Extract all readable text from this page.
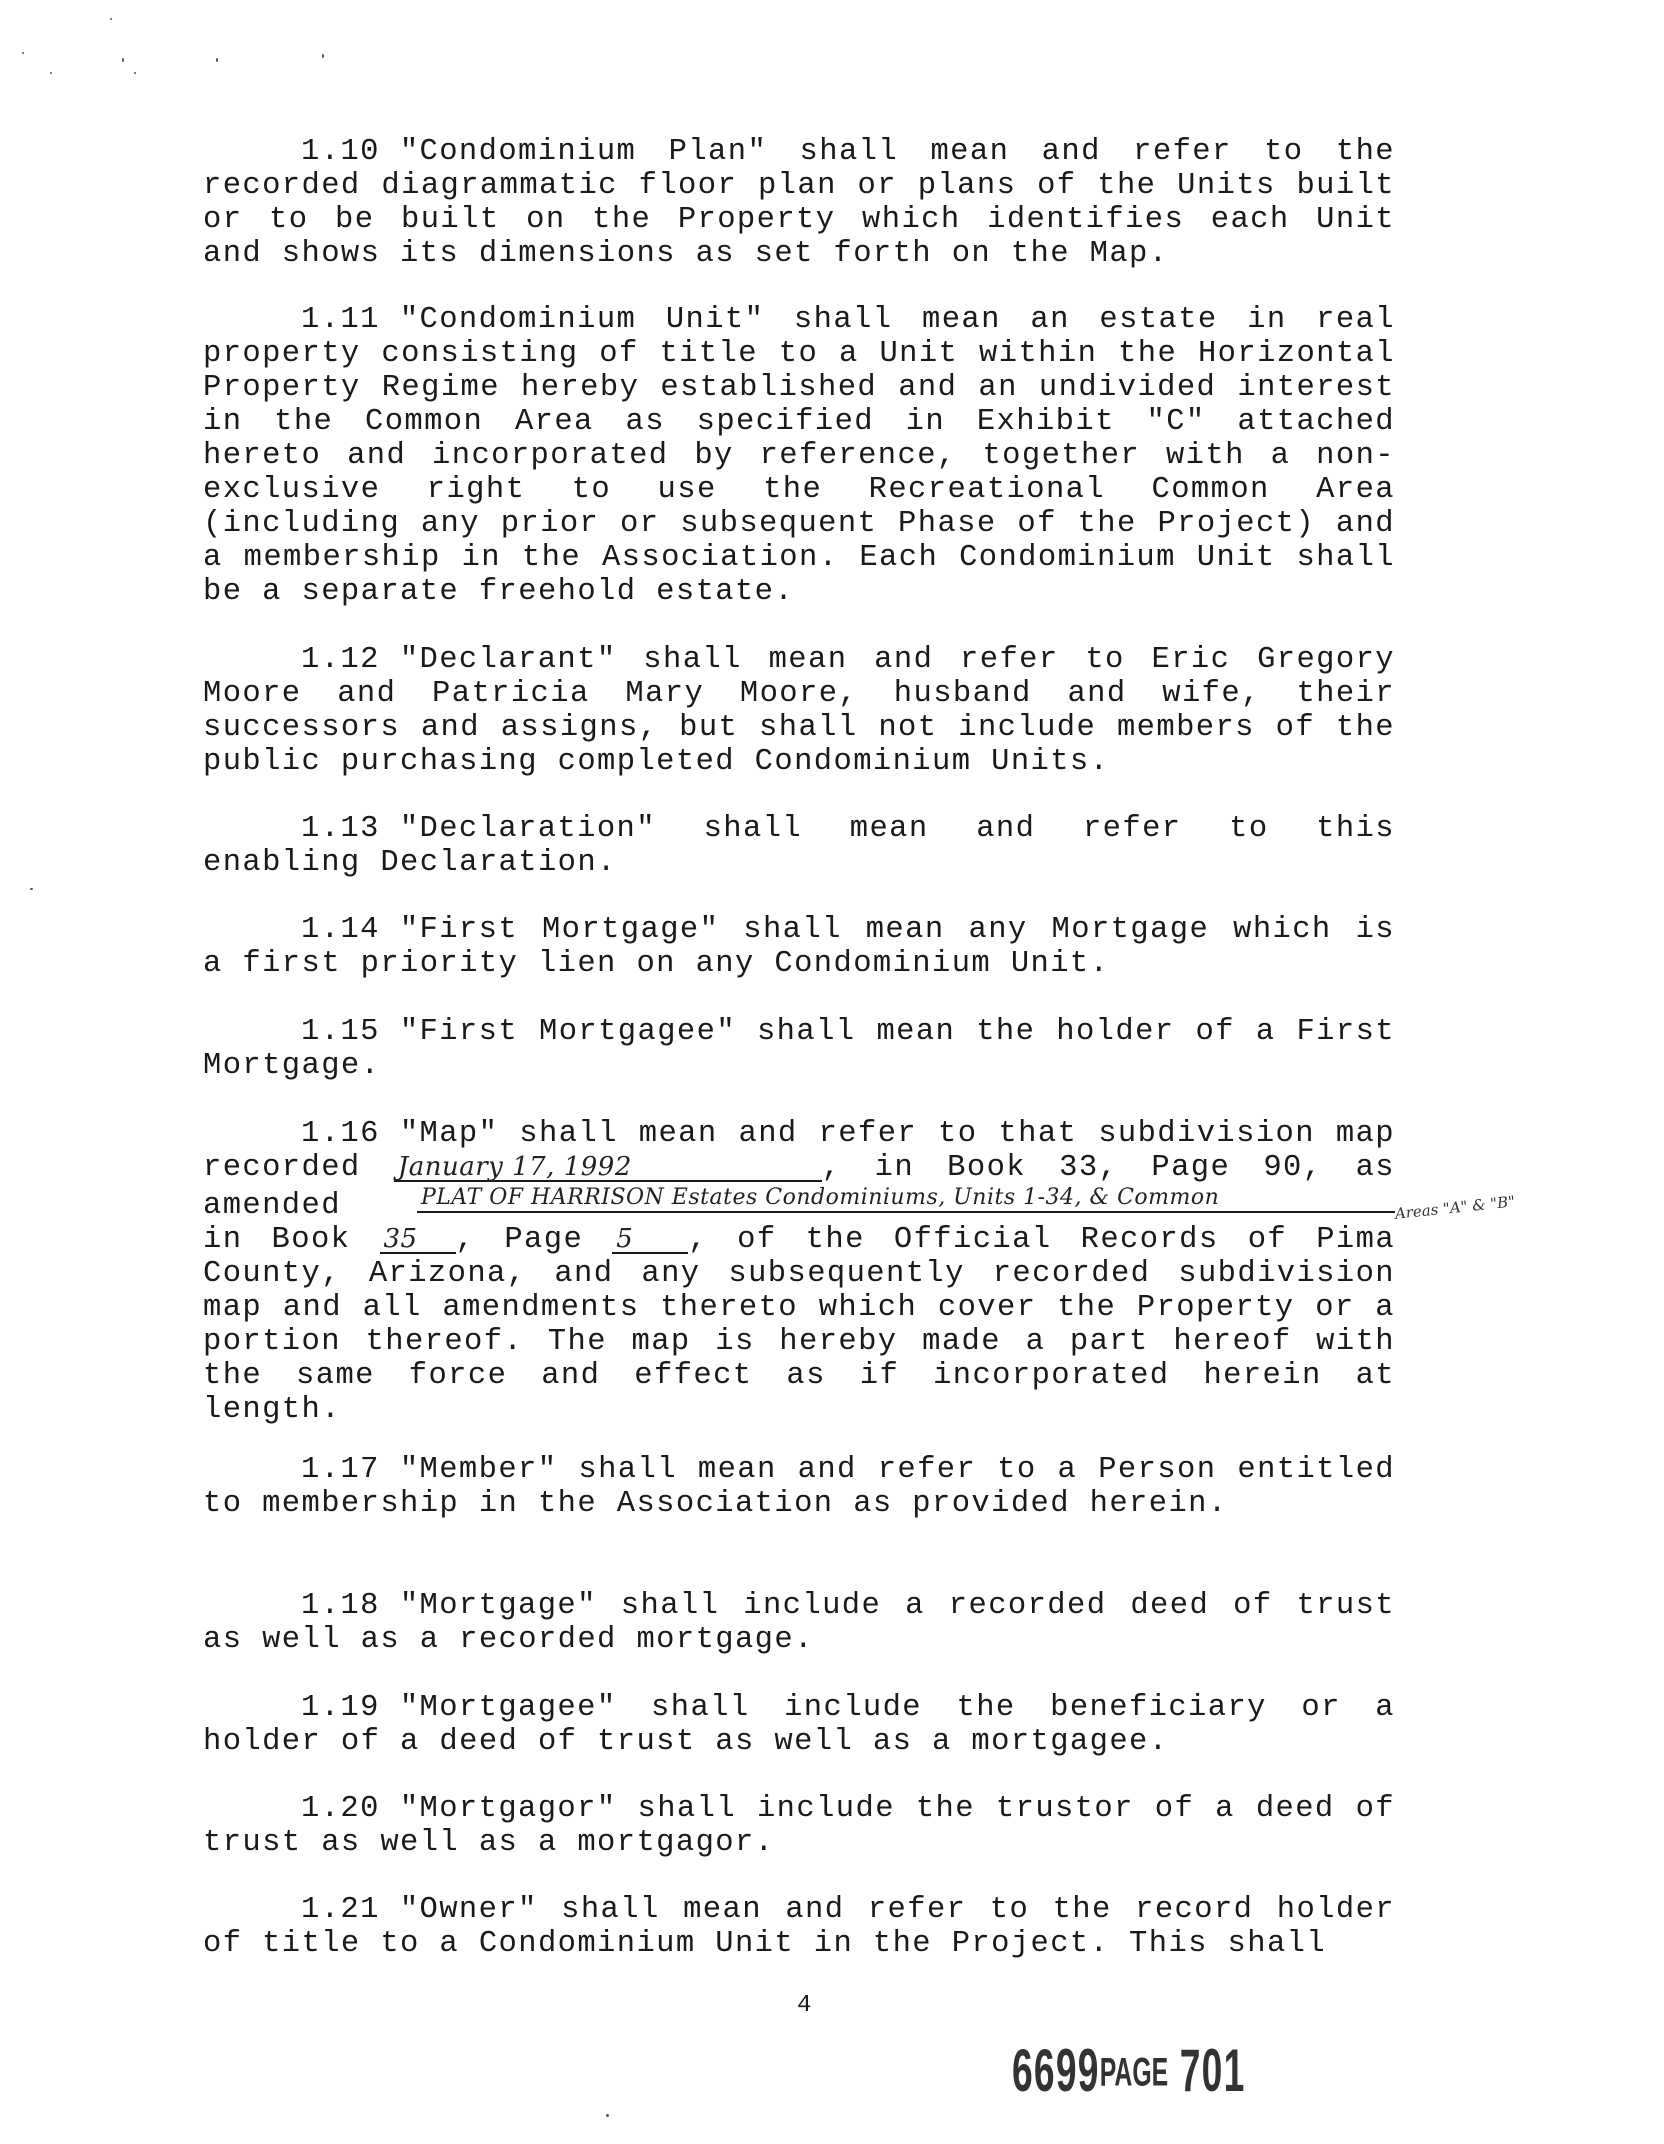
1.10 "Condominium Plan" shall mean and refer to the recorded diagrammatic floor plan or plans of the Units built or to be built on the Property which identifies each Unit and shows its dimensions as set forth on the Map.

1.11 "Condominium Unit" shall mean an estate in real property consisting of title to a Unit within the Horizontal Property Regime hereby established and an undivided interest in the Common Area as specified in Exhibit "C" attached hereto and incorporated by reference, together with a non-exclusive right to use the Recreational Common Area (including any prior or subsequent Phase of the Project) and a membership in the Association. Each Condominium Unit shall be a separate freehold estate.

1.12 "Declarant" shall mean and refer to Eric Gregory Moore and Patricia Mary Moore, husband and wife, their successors and assigns, but shall not include members of the public purchasing completed Condominium Units.

1.13 "Declaration" shall mean and refer to this enabling Declaration.

1.14 "First Mortgage" shall mean any Mortgage which is a first priority lien on any Condominium Unit.

1.15 "First Mortgagee" shall mean the holder of a First Mortgage.

1.16 "Map" shall mean and refer to that subdivision map recorded January 17, 1992	, in Book 33, Page 90, as amended	PLAT OF HARRISON Estates Condominiums, Units 1-34, & Common in Book 35 , Page 5 , of the Official Records of Pima County, Arizona, and any subsequently recorded subdivision map and all amendments thereto which cover the Property or a portion thereof. The map is hereby made a part hereof with the same force and effect as if incorporated herein at length.

Areas "A" & "B"

1.17 "Member" shall mean and refer to a Person entitled to membership in the Association as provided herein.

1.18 "Mortgage" shall include a recorded deed of trust as well as a recorded mortgage.

1.19 "Mortgagee" shall include the beneficiary or a holder of a deed of trust as well as a mortgagee.

1.20 "Mortgagor" shall include the trustor of a deed of trust as well as a mortgagor.

1.21 "Owner" shall mean and refer to the record holder of title to a Condominium Unit in the Project. This shall

4
6699PAGE 701
